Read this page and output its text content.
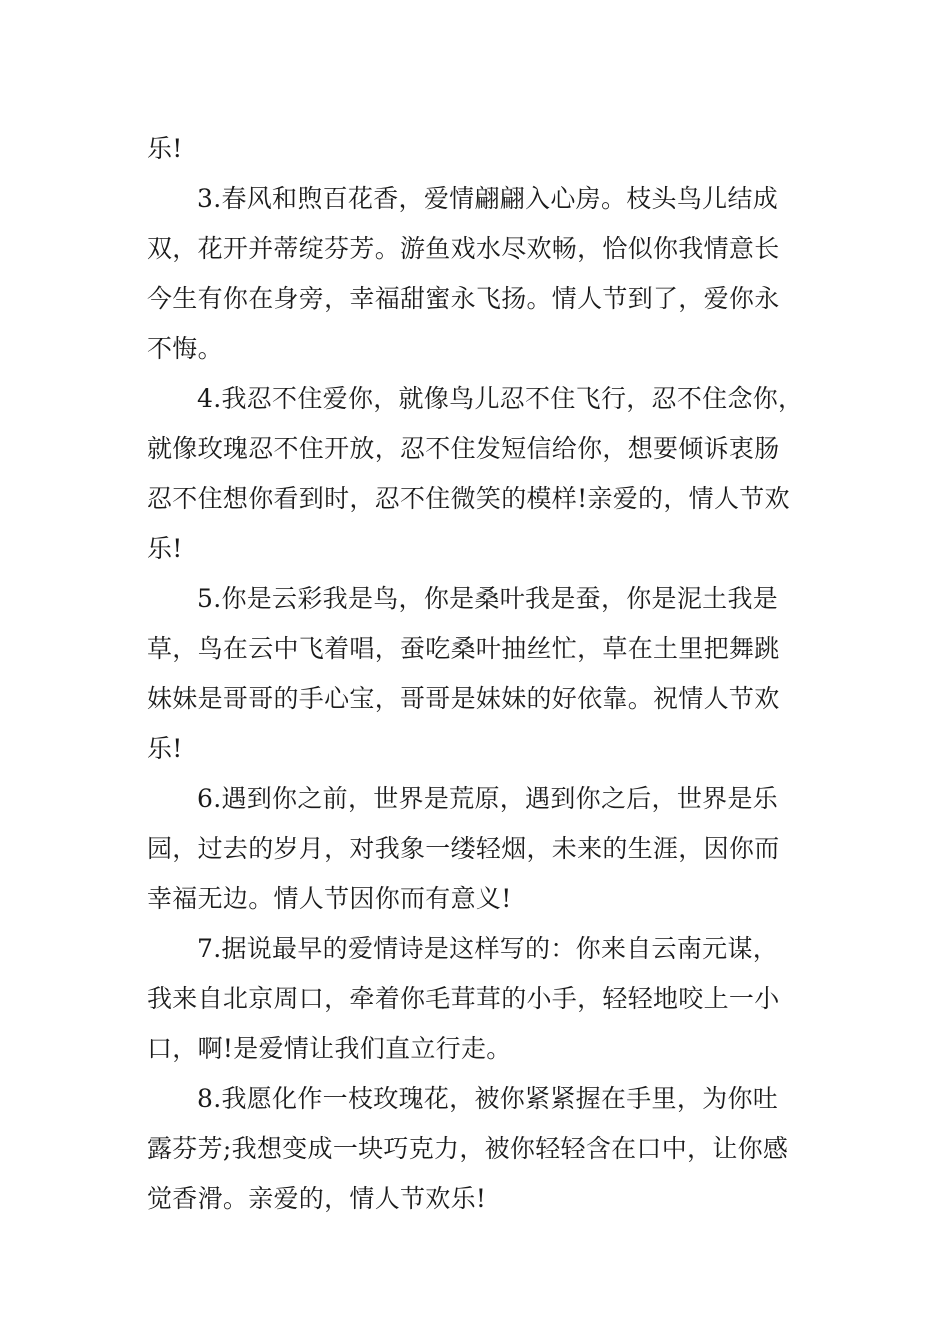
乐!
3.春风和煦百花香，爱情翩翩入心房。枝头鸟儿结成
双，花开并蒂绽芬芳。游鱼戏水尽欢畅，恰似你我情意长
今生有你在身旁，幸福甜蜜永飞扬。情人节到了，爱你永
不悔。
4.我忍不住爱你，就像鸟儿忍不住飞行，忍不住念你，
就像玫瑰忍不住开放，忍不住发短信给你，想要倾诉衷肠
忍不住想你看到时，忍不住微笑的模样!亲爱的，情人节欢
乐!
5.你是云彩我是鸟，你是桑叶我是蚕，你是泥土我是
草，鸟在云中飞着唱，蚕吃桑叶抽丝忙，草在土里把舞跳
妹妹是哥哥的手心宝，哥哥是妹妹的好依靠。祝情人节欢
乐!
6.遇到你之前，世界是荒原，遇到你之后，世界是乐
园，过去的岁月，对我象一缕轻烟，未来的生涯，因你而
幸福无边。情人节因你而有意义!
7.据说最早的爱情诗是这样写的：你来自云南元谋，
我来自北京周口，牵着你毛茸茸的小手，轻轻地咬上一小
口，啊!是爱情让我们直立行走。
8.我愿化作一枝玫瑰花，被你紧紧握在手里，为你吐
露芬芳;我想变成一块巧克力，被你轻轻含在口中，让你感
觉香滑。亲爱的，情人节欢乐!
